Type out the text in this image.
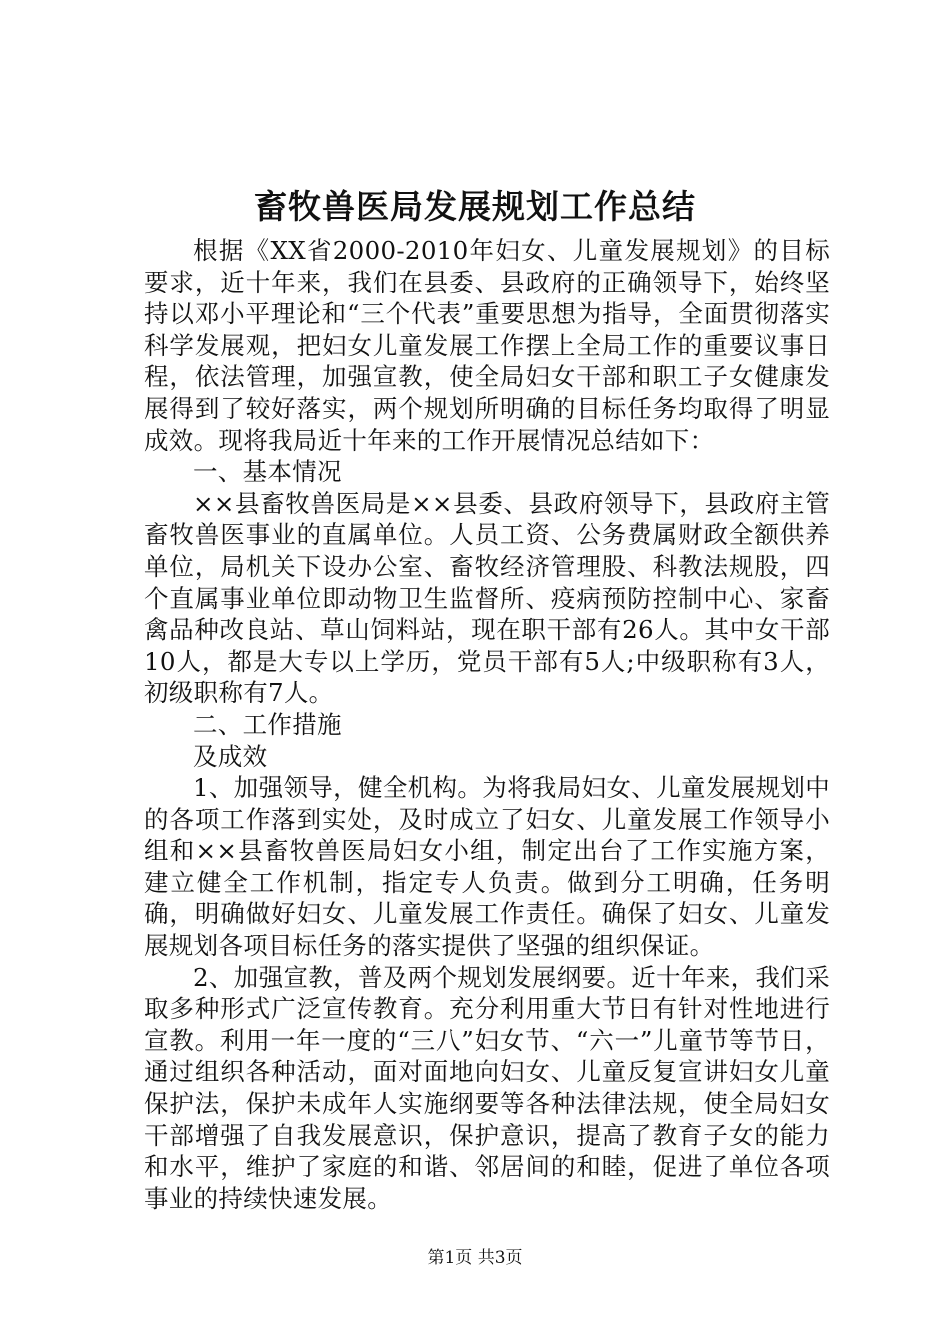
畜牧兽医局发展规划工作总结

根据《XX省2000-2010年妇女、儿童发展规划》的目标要求，近十年来，我们在县委、县政府的正确领导下，始终坚持以邓小平理论和“三个代表”重要思想为指导，全面贯彻落实科学发展观，把妇女儿童发展工作摆上全局工作的重要议事日程，依法管理，加强宣教，使全局妇女干部和职工子女健康发展得到了较好落实，两个规划所明确的目标任务均取得了明显成效。现将我局近十年来的工作开展情况总结如下：

一、基本情况

××县畜牧兽医局是××县委、县政府领导下，县政府主管畜牧兽医事业的直属单位。人员工资、公务费属财政全额供养单位，局机关下设办公室、畜牧经济管理股、科教法规股，四个直属事业单位即动物卫生监督所、疫病预防控制中心、家畜禽品种改良站、草山饲料站，现在职干部有26人。其中女干部10人，都是大专以上学历，党员干部有5人;中级职称有3人，初级职称有7人。

二、工作措施

及成效

1、加强领导，健全机构。为将我局妇女、儿童发展规划中的各项工作落到实处，及时成立了妇女、儿童发展工作领导小组和××县畜牧兽医局妇女小组，制定出台了工作实施方案，建立健全工作机制，指定专人负责。做到分工明确，任务明确，明确做好妇女、儿童发展工作责任。确保了妇女、儿童发展规划各项目标任务的落实提供了坚强的组织保证。

2、加强宣教，普及两个规划发展纲要。近十年来，我们采取多种形式广泛宣传教育。充分利用重大节日有针对性地进行宣教。利用一年一度的“三八”妇女节、“六一”儿童节等节日，通过组织各种活动，面对面地向妇女、儿童反复宣讲妇女儿童保护法，保护未成年人实施纲要等各种法律法规，使全局妇女干部增强了自我发展意识，保护意识，提高了教育子女的能力和水平，维护了家庭的和谐、邻居间的和睦，促进了单位各项事业的持续快速发展。

第1页 共3页
